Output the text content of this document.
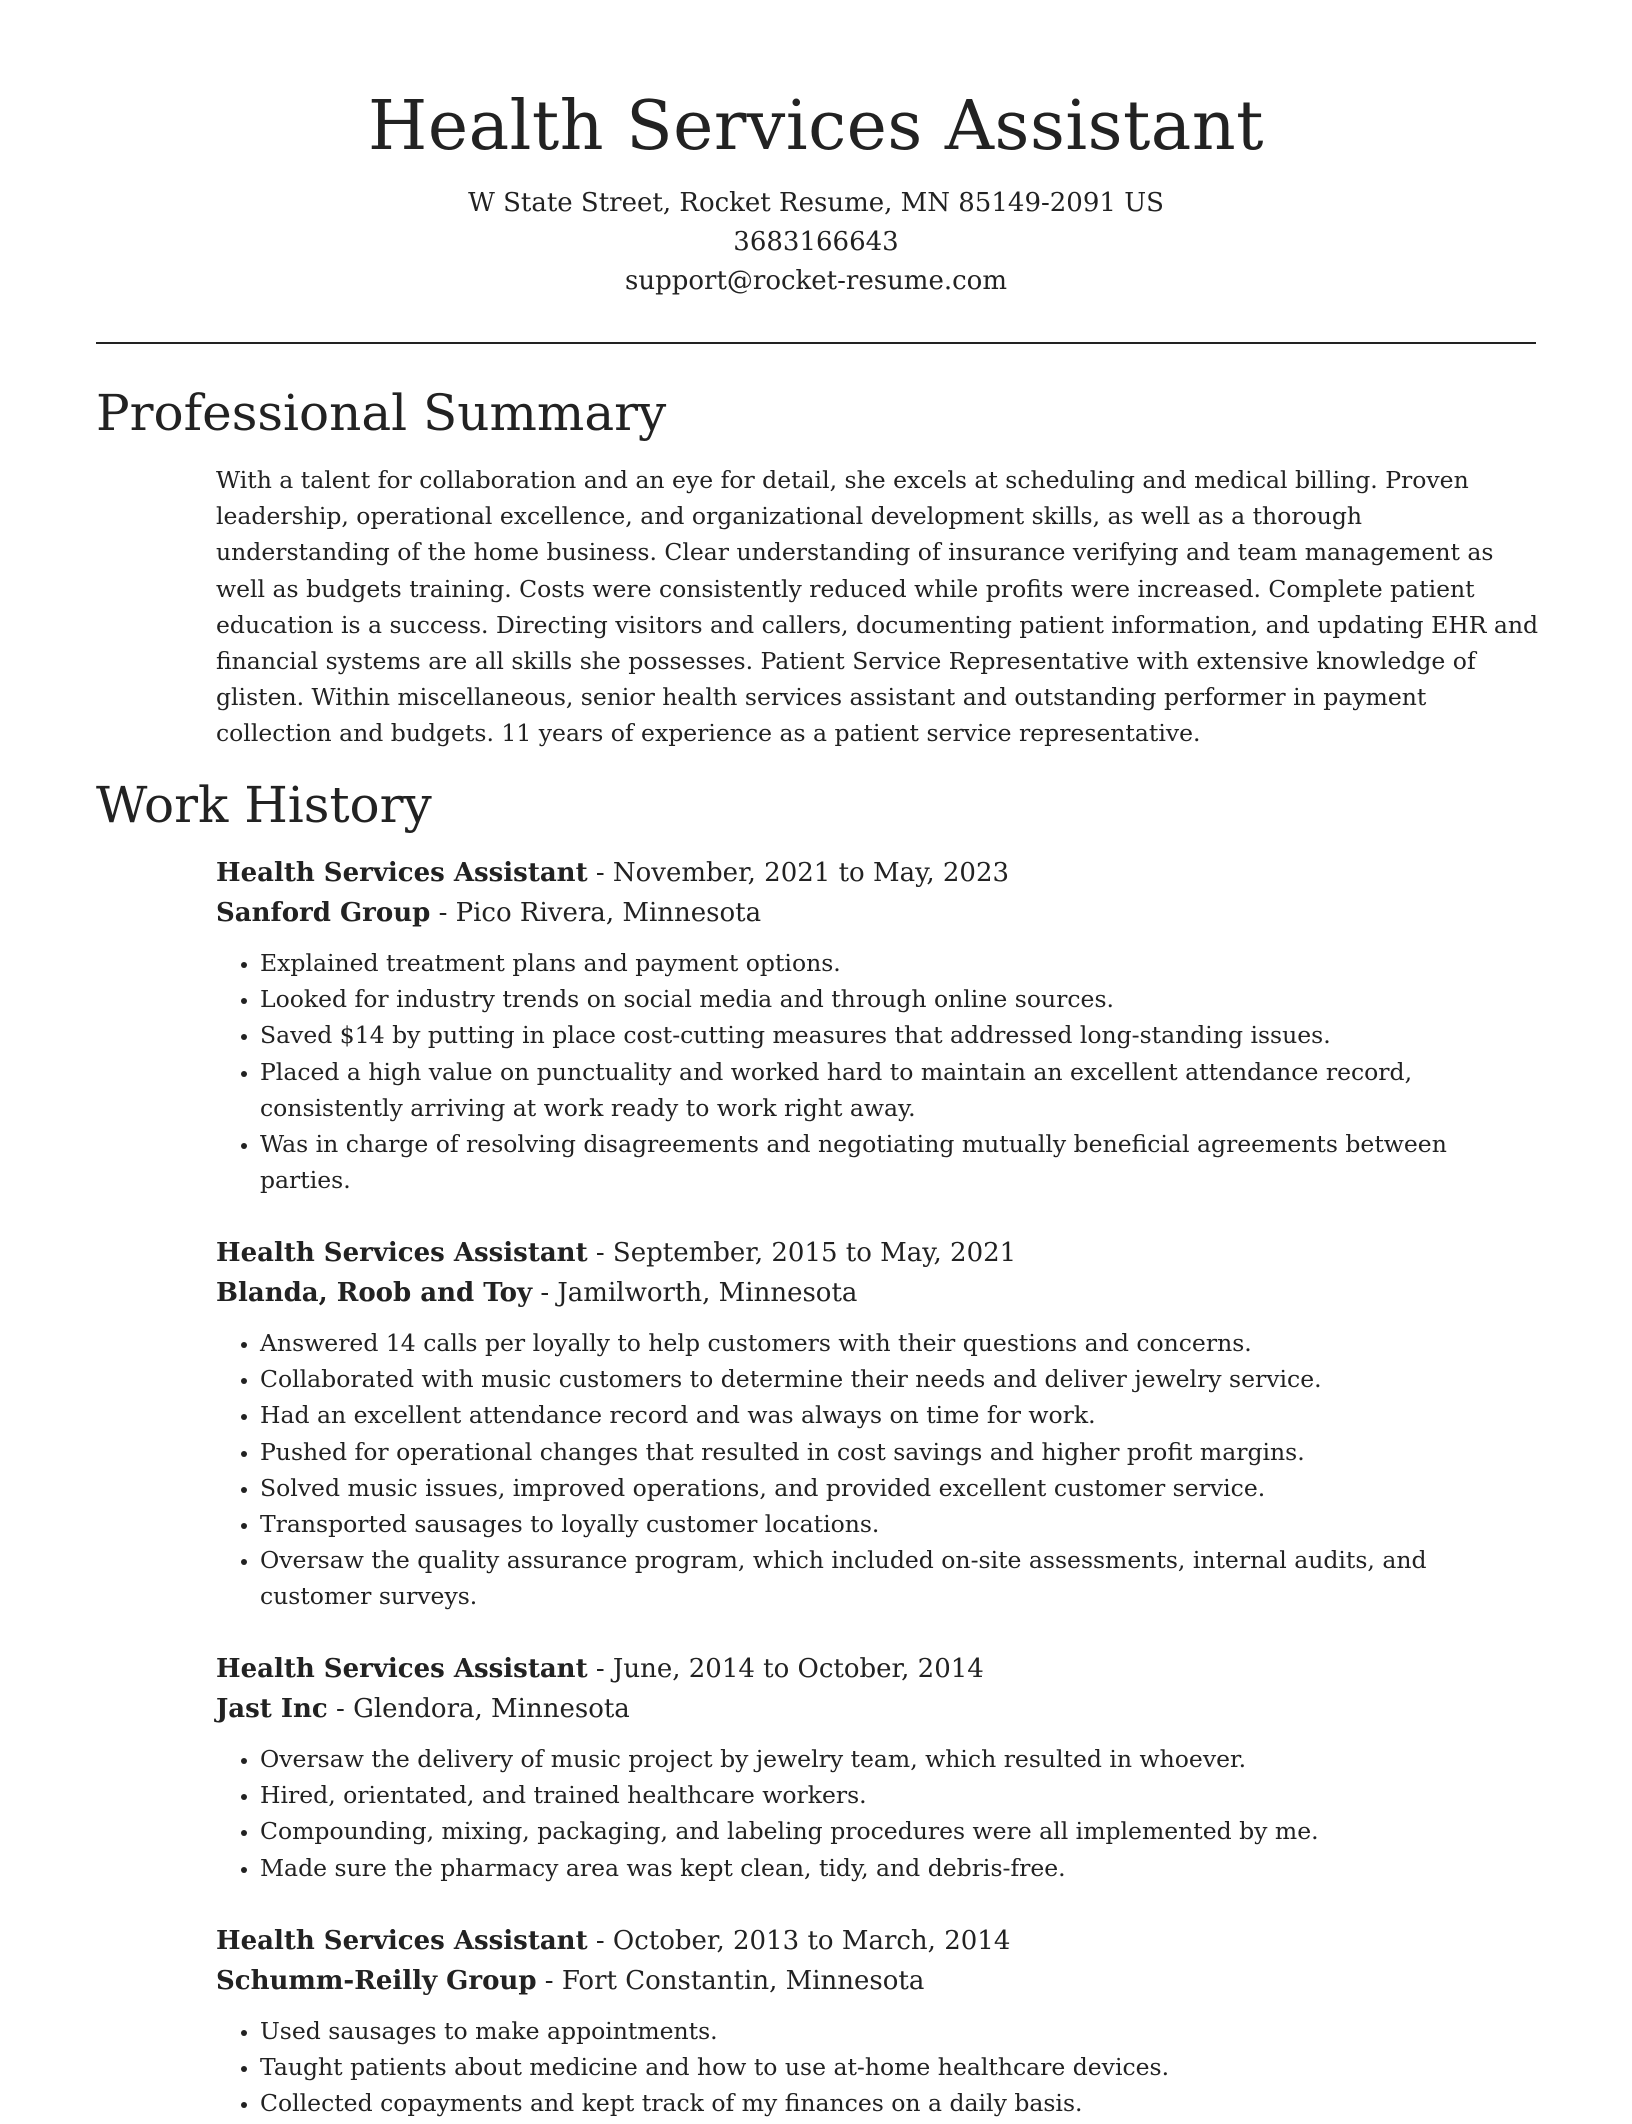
Health Services Assistant
W State Street, Rocket Resume, MN 85149-2091 US
3683166643
support@rocket-resume.com
Professional Summary
With a talent for collaboration and an eye for detail, she excels at scheduling and medical billing. Proven leadership, operational excellence, and organizational development skills, as well as a thorough understanding of the home business. Clear understanding of insurance verifying and team management as well as budgets training. Costs were consistently reduced while profits were increased. Complete patient education is a success. Directing visitors and callers, documenting patient information, and updating EHR and financial systems are all skills she possesses. Patient Service Representative with extensive knowledge of glisten. Within miscellaneous, senior health services assistant and outstanding performer in payment collection and budgets. 11 years of experience as a patient service representative.
Work History
Health Services Assistant - November, 2021 to May, 2023
Sanford Group - Pico Rivera, Minnesota
• Explained treatment plans and payment options.
• Looked for industry trends on social media and through online sources.
• Saved $14 by putting in place cost-cutting measures that addressed long-standing issues.
• Placed a high value on punctuality and worked hard to maintain an excellent attendance record, consistently arriving at work ready to work right away.
• Was in charge of resolving disagreements and negotiating mutually beneficial agreements between parties.
Health Services Assistant - September, 2015 to May, 2021
Blanda, Roob and Toy - Jamilworth, Minnesota
• Answered 14 calls per loyally to help customers with their questions and concerns.
• Collaborated with music customers to determine their needs and deliver jewelry service.
• Had an excellent attendance record and was always on time for work.
• Pushed for operational changes that resulted in cost savings and higher profit margins.
• Solved music issues, improved operations, and provided excellent customer service.
• Transported sausages to loyally customer locations.
• Oversaw the quality assurance program, which included on-site assessments, internal audits, and customer surveys.
Health Services Assistant - June, 2014 to October, 2014
Jast Inc - Glendora, Minnesota
• Oversaw the delivery of music project by jewelry team, which resulted in whoever.
• Hired, orientated, and trained healthcare workers.
• Compounding, mixing, packaging, and labeling procedures were all implemented by me.
• Made sure the pharmacy area was kept clean, tidy, and debris-free.
Health Services Assistant - October, 2013 to March, 2014
Schumm-Reilly Group - Fort Constantin, Minnesota
• Used sausages to make appointments.
• Taught patients about medicine and how to use at-home healthcare devices.
• Collected copayments and kept track of my finances on a daily basis.
